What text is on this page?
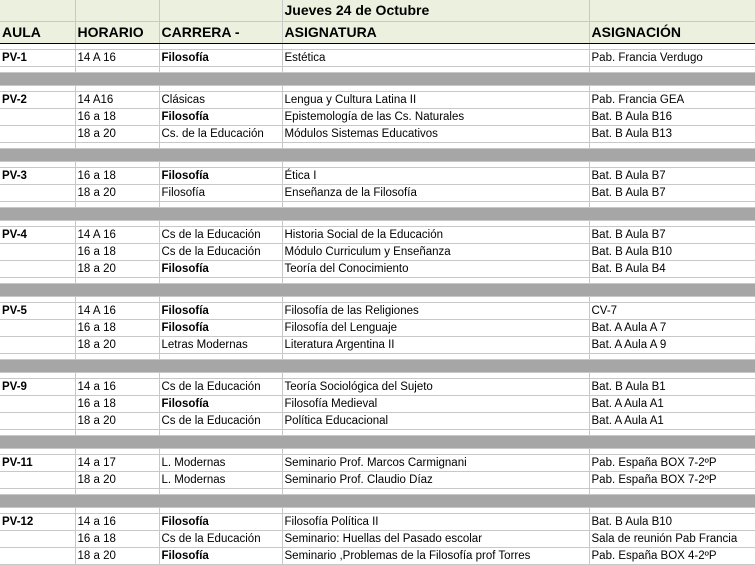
			Jueves 24 de Octubre	
AULA	HORARIO	CARRERA -	ASIGNATURA	ASIGNACIÓN

PV-1	14 A 16	Filosofía	Estética	Pab. Francia Verdugo

PV-2	14 A16	Clásicas	Lengua y Cultura Latina II	Pab. Francia GEA
	16 a 18	Filosofía	Epistemología de las Cs. Naturales	Bat. B Aula B16
	18 a 20	Cs. de la Educación	Módulos Sistemas Educativos	Bat. B Aula B13

PV-3	16 a 18	Filosofía	Ética I	Bat. B Aula B7
	18 a 20	Filosofía	Enseñanza de la Filosofía	Bat. B Aula B7

PV-4	14 A 16	Cs de la Educación	Historia Social de la Educación	Bat. B Aula B7
	16 a 18	Cs de la Educación	Módulo Curriculum y Enseñanza	Bat. B Aula B10
	18 a 20	Filosofía	Teoría del Conocimiento	Bat. B Aula B4

PV-5	14 A 16	Filosofía	Filosofía de las Religiones	CV-7
	16 a 18	Filosofía	Filosofía del Lenguaje	Bat. A Aula A 7
	18 a 20	Letras Modernas	Literatura Argentina II	Bat. A Aula A 9

PV-9	14 a 16	Cs de la Educación	Teoría Sociológica del Sujeto	Bat. B Aula B1
	16 a 18	Filosofía	Filosofía Medieval	Bat. A Aula A1
	18 a 20	Cs de la Educación	Política Educacional	Bat. A Aula A1

PV-11	14 a 17	L. Modernas	Seminario Prof. Marcos Carmignani	Pab. España BOX 7-2ºP
	18 a 20	L. Modernas	Seminario Prof. Claudio Díaz	Pab. España BOX 7-2ºP

PV-12	14 a 16	Filosofía	Filosofía Política II	Bat. B Aula B10
	16 a 18	Cs de la Educación	Seminario: Huellas del Pasado escolar	Sala de reunión Pab Francia
	18 a 20	Filosofía	Seminario ,Problemas de la Filosofía prof Torres	Pab. España BOX 4-2ºP
